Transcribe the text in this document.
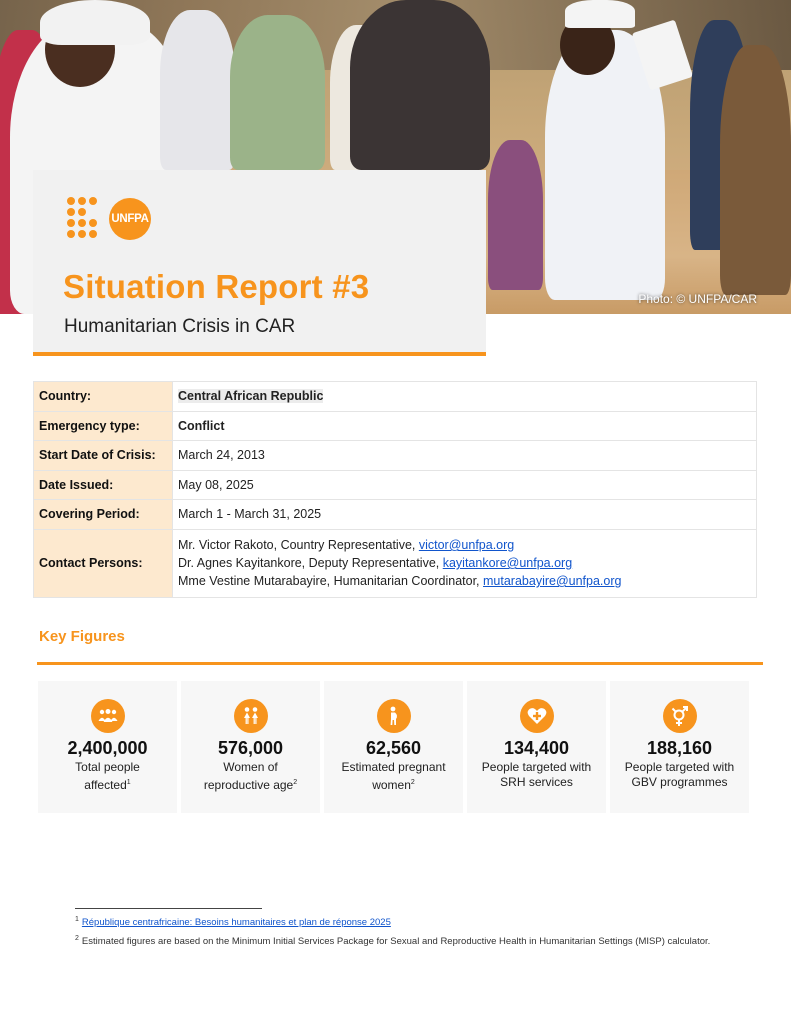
Photo: © UNFPA/CAR
UNFPA
Situation Report #3
Humanitarian Crisis in CAR
Country:	Central African Republic
Emergency type:	Conflict
Start Date of Crisis:	March 24, 2013
Date Issued:	May 08, 2025
Covering Period:	March 1 - March 31, 2025
Contact Persons:	Mr. Victor Rakoto, Country Representative, victor@unfpa.org
Dr. Agnes Kayitankore, Deputy Representative, kayitankore@unfpa.org
Mme Vestine Mutarabayire, Humanitarian Coordinator, mutarabayire@unfpa.org
Key Figures
2,400,000
Total people
affected$^1$
576,000
Women of
reproductive age$^2$
62,560
Estimated pregnant
women$^2$
134,400
People targeted with
SRH services
188,160
People targeted with
GBV programmes
$^1$ République centrafricaine: Besoins humanitaires et plan de réponse 2025
$^2$ Estimated figures are based on the Minimum Initial Services Package for Sexual and Reproductive Health in Humanitarian Settings (MISP) calculator.
